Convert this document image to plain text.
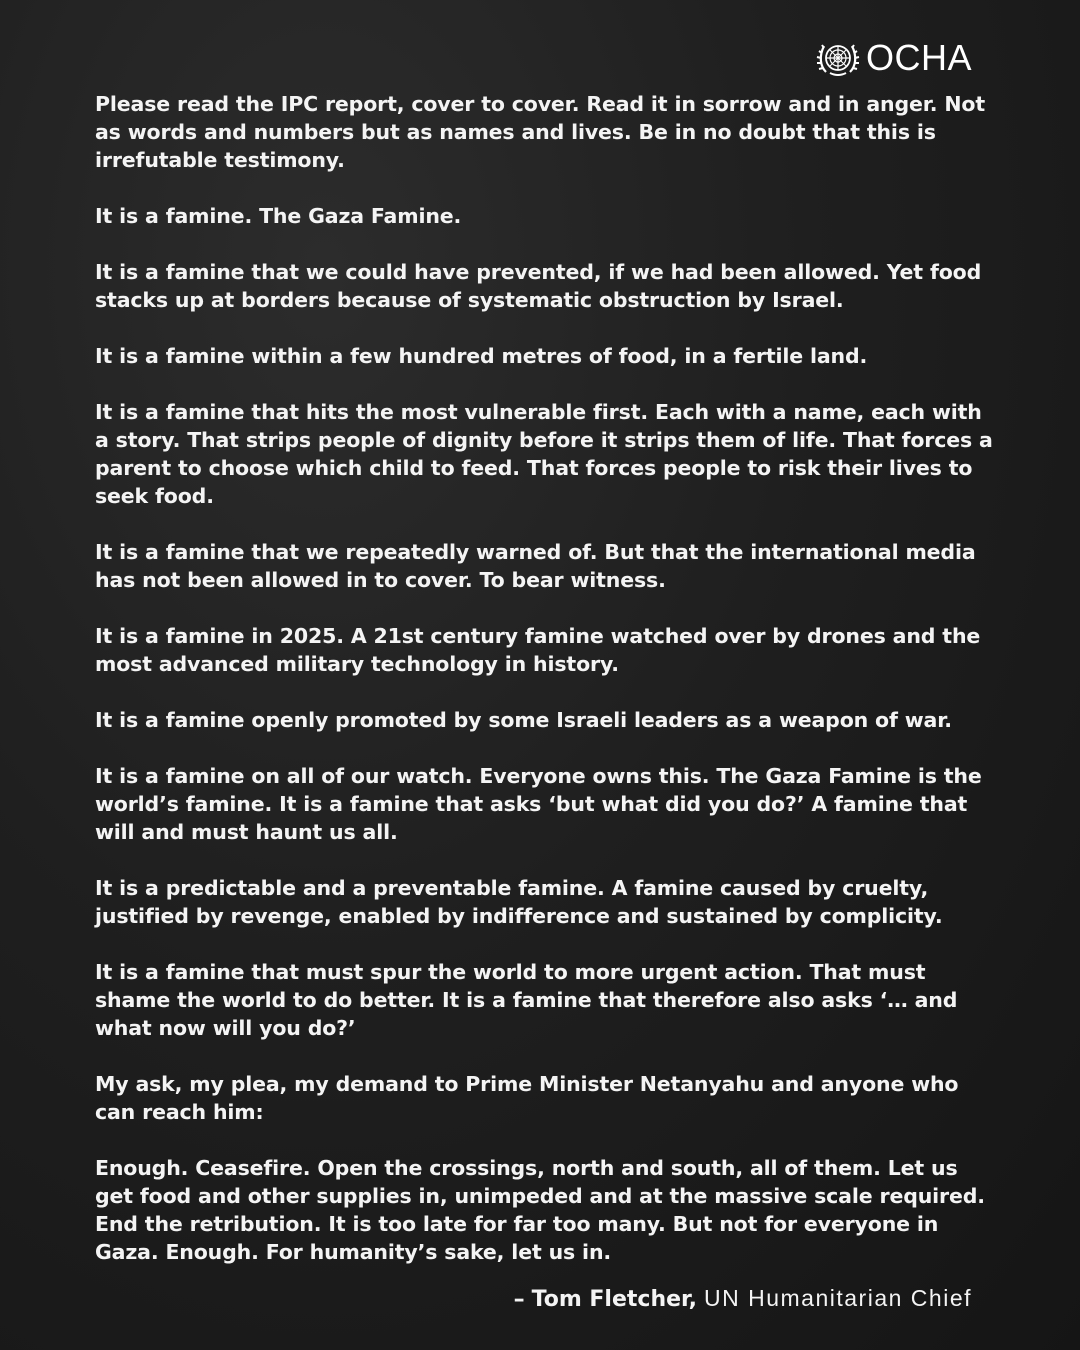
OCHA

Please read the IPC report, cover to cover. Read it in sorrow and in anger. Not as words and numbers but as names and lives. Be in no doubt that this is irrefutable testimony.

It is a famine. The Gaza Famine.

It is a famine that we could have prevented, if we had been allowed. Yet food stacks up at borders because of systematic obstruction by Israel.

It is a famine within a few hundred metres of food, in a fertile land.

It is a famine that hits the most vulnerable first. Each with a name, each with a story. That strips people of dignity before it strips them of life. That forces a parent to choose which child to feed. That forces people to risk their lives to seek food.

It is a famine that we repeatedly warned of. But that the international media has not been allowed in to cover. To bear witness.

It is a famine in 2025. A 21st century famine watched over by drones and the most advanced military technology in history.

It is a famine openly promoted by some Israeli leaders as a weapon of war.

It is a famine on all of our watch. Everyone owns this. The Gaza Famine is the world’s famine. It is a famine that asks ‘but what did you do?’ A famine that will and must haunt us all.

It is a predictable and a preventable famine. A famine caused by cruelty, justified by revenge, enabled by indifference and sustained by complicity.

It is a famine that must spur the world to more urgent action. That must shame the world to do better. It is a famine that therefore also asks ‘… and what now will you do?’

My ask, my plea, my demand to Prime Minister Netanyahu and anyone who can reach him:

Enough. Ceasefire. Open the crossings, north and south, all of them. Let us get food and other supplies in, unimpeded and at the massive scale required. End the retribution. It is too late for far too many. But not for everyone in Gaza. Enough. For humanity’s sake, let us in.

– Tom Fletcher, UN Humanitarian Chief
